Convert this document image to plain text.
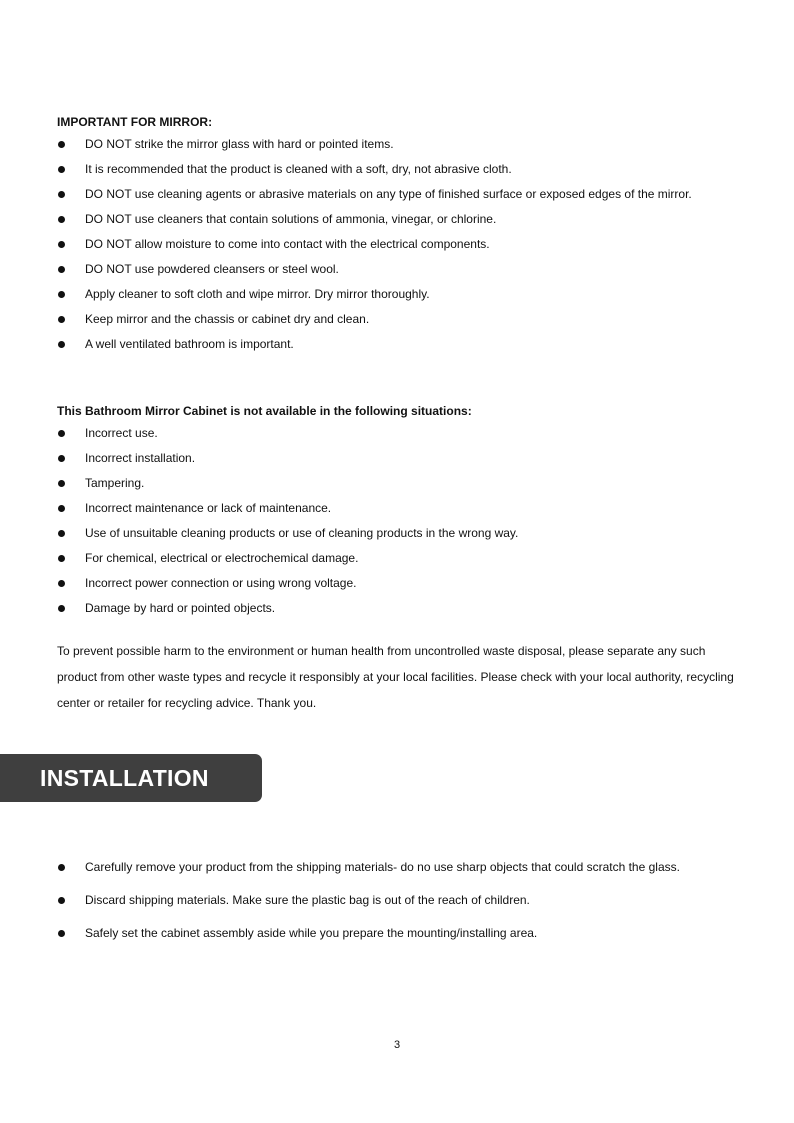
IMPORTANT FOR MIRROR:
DO NOT strike the mirror glass with hard or pointed items.
It is recommended that the product is cleaned with a soft, dry, not abrasive cloth.
DO NOT use cleaning agents or abrasive materials on any type of finished surface or exposed edges of the mirror.
DO NOT use cleaners that contain solutions of ammonia, vinegar, or chlorine.
DO NOT allow moisture to come into contact with the electrical components.
DO NOT use powdered cleansers or steel wool.
Apply cleaner to soft cloth and wipe mirror. Dry mirror thoroughly.
Keep mirror and the chassis or cabinet dry and clean.
A well ventilated bathroom is important.
This Bathroom Mirror Cabinet is not available in the following situations:
Incorrect use.
Incorrect installation.
Tampering.
Incorrect maintenance or lack of maintenance.
Use of unsuitable cleaning products or use of cleaning products in the wrong way.
For chemical, electrical or electrochemical damage.
Incorrect power connection or using wrong voltage.
Damage by hard or pointed objects.

To prevent possible harm to the environment or human health from uncontrolled waste disposal, please separate any such product from other waste types and recycle it responsibly at your local facilities. Please check with your local authority, recycling center or retailer for recycling advice. Thank you.

INSTALLATION
Carefully remove your product from the shipping materials- do no use sharp objects that could scratch the glass.
Discard shipping materials. Make sure the plastic bag is out of the reach of children.
Safely set the cabinet assembly aside while you prepare the mounting/installing area.
3
